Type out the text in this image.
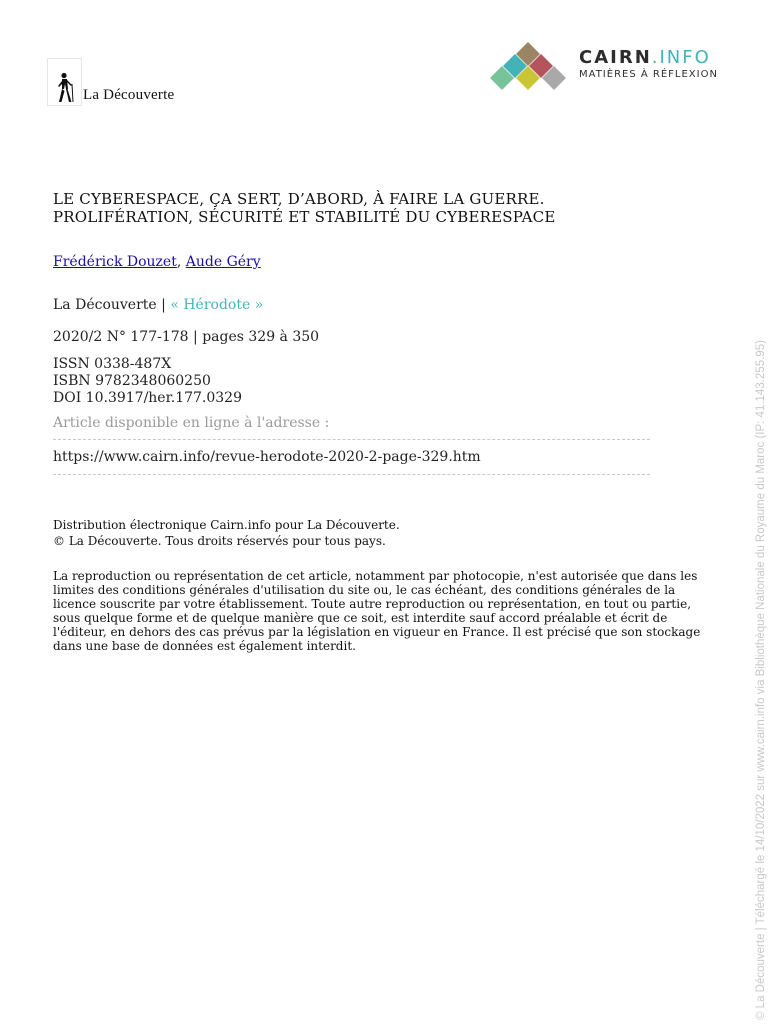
La Découverte
CAIRN.INFO
MATIÈRES À RÉFLEXION
LE CYBERESPACE, ÇA SERT, D’ABORD, À FAIRE LA GUERRE.
PROLIFÉRATION, SÉCURITÉ ET STABILITÉ DU CYBERESPACE
Frédérick Douzet, Aude Géry
La Découverte | « Hérodote »
2020/2 N° 177-178 | pages 329 à 350
ISSN 0338-487X
ISBN 9782348060250
DOI 10.3917/her.177.0329
Article disponible en ligne à l'adresse :
https://www.cairn.info/revue-herodote-2020-2-page-329.htm
Distribution électronique Cairn.info pour La Découverte.
© La Découverte. Tous droits réservés pour tous pays.
La reproduction ou représentation de cet article, notamment par photocopie, n'est autorisée que dans les
limites des conditions générales d'utilisation du site ou, le cas échéant, des conditions générales de la
licence souscrite par votre établissement. Toute autre reproduction ou représentation, en tout ou partie,
sous quelque forme et de quelque manière que ce soit, est interdite sauf accord préalable et écrit de
l'éditeur, en dehors des cas prévus par la législation en vigueur en France. Il est précisé que son stockage
dans une base de données est également interdit.	© La Découverte | Téléchargé le 14/10/2022 sur www.cairn.info via Bibliothèque Nationale du Royaume du Maroc (IP: 41.143.255.95)
